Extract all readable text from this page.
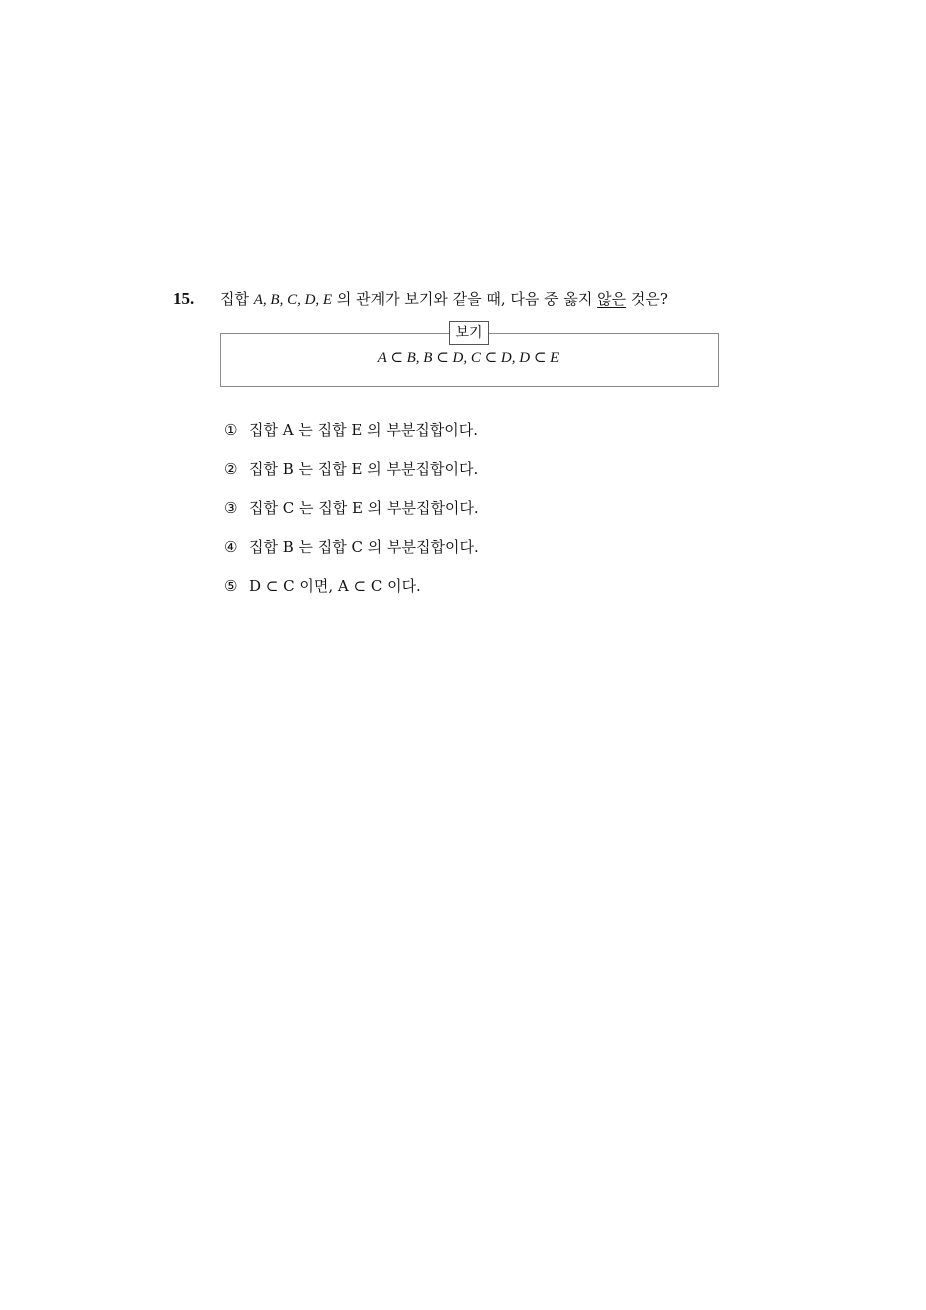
15. 집합 A, B, C, D, E 의 관계가 보기와 같을 때, 다음 중 옳지 않은 것은?
보기
A ⊂ B, B ⊂ D, C ⊂ D, D ⊂ E
① 집합 A 는 집합 E 의 부분집합이다.
② 집합 B 는 집합 E 의 부분집합이다.
③ 집합 C 는 집합 E 의 부분집합이다.
④ 집합 B 는 집합 C 의 부분집합이다.
⑤ D ⊂ C 이면, A ⊂ C 이다.
